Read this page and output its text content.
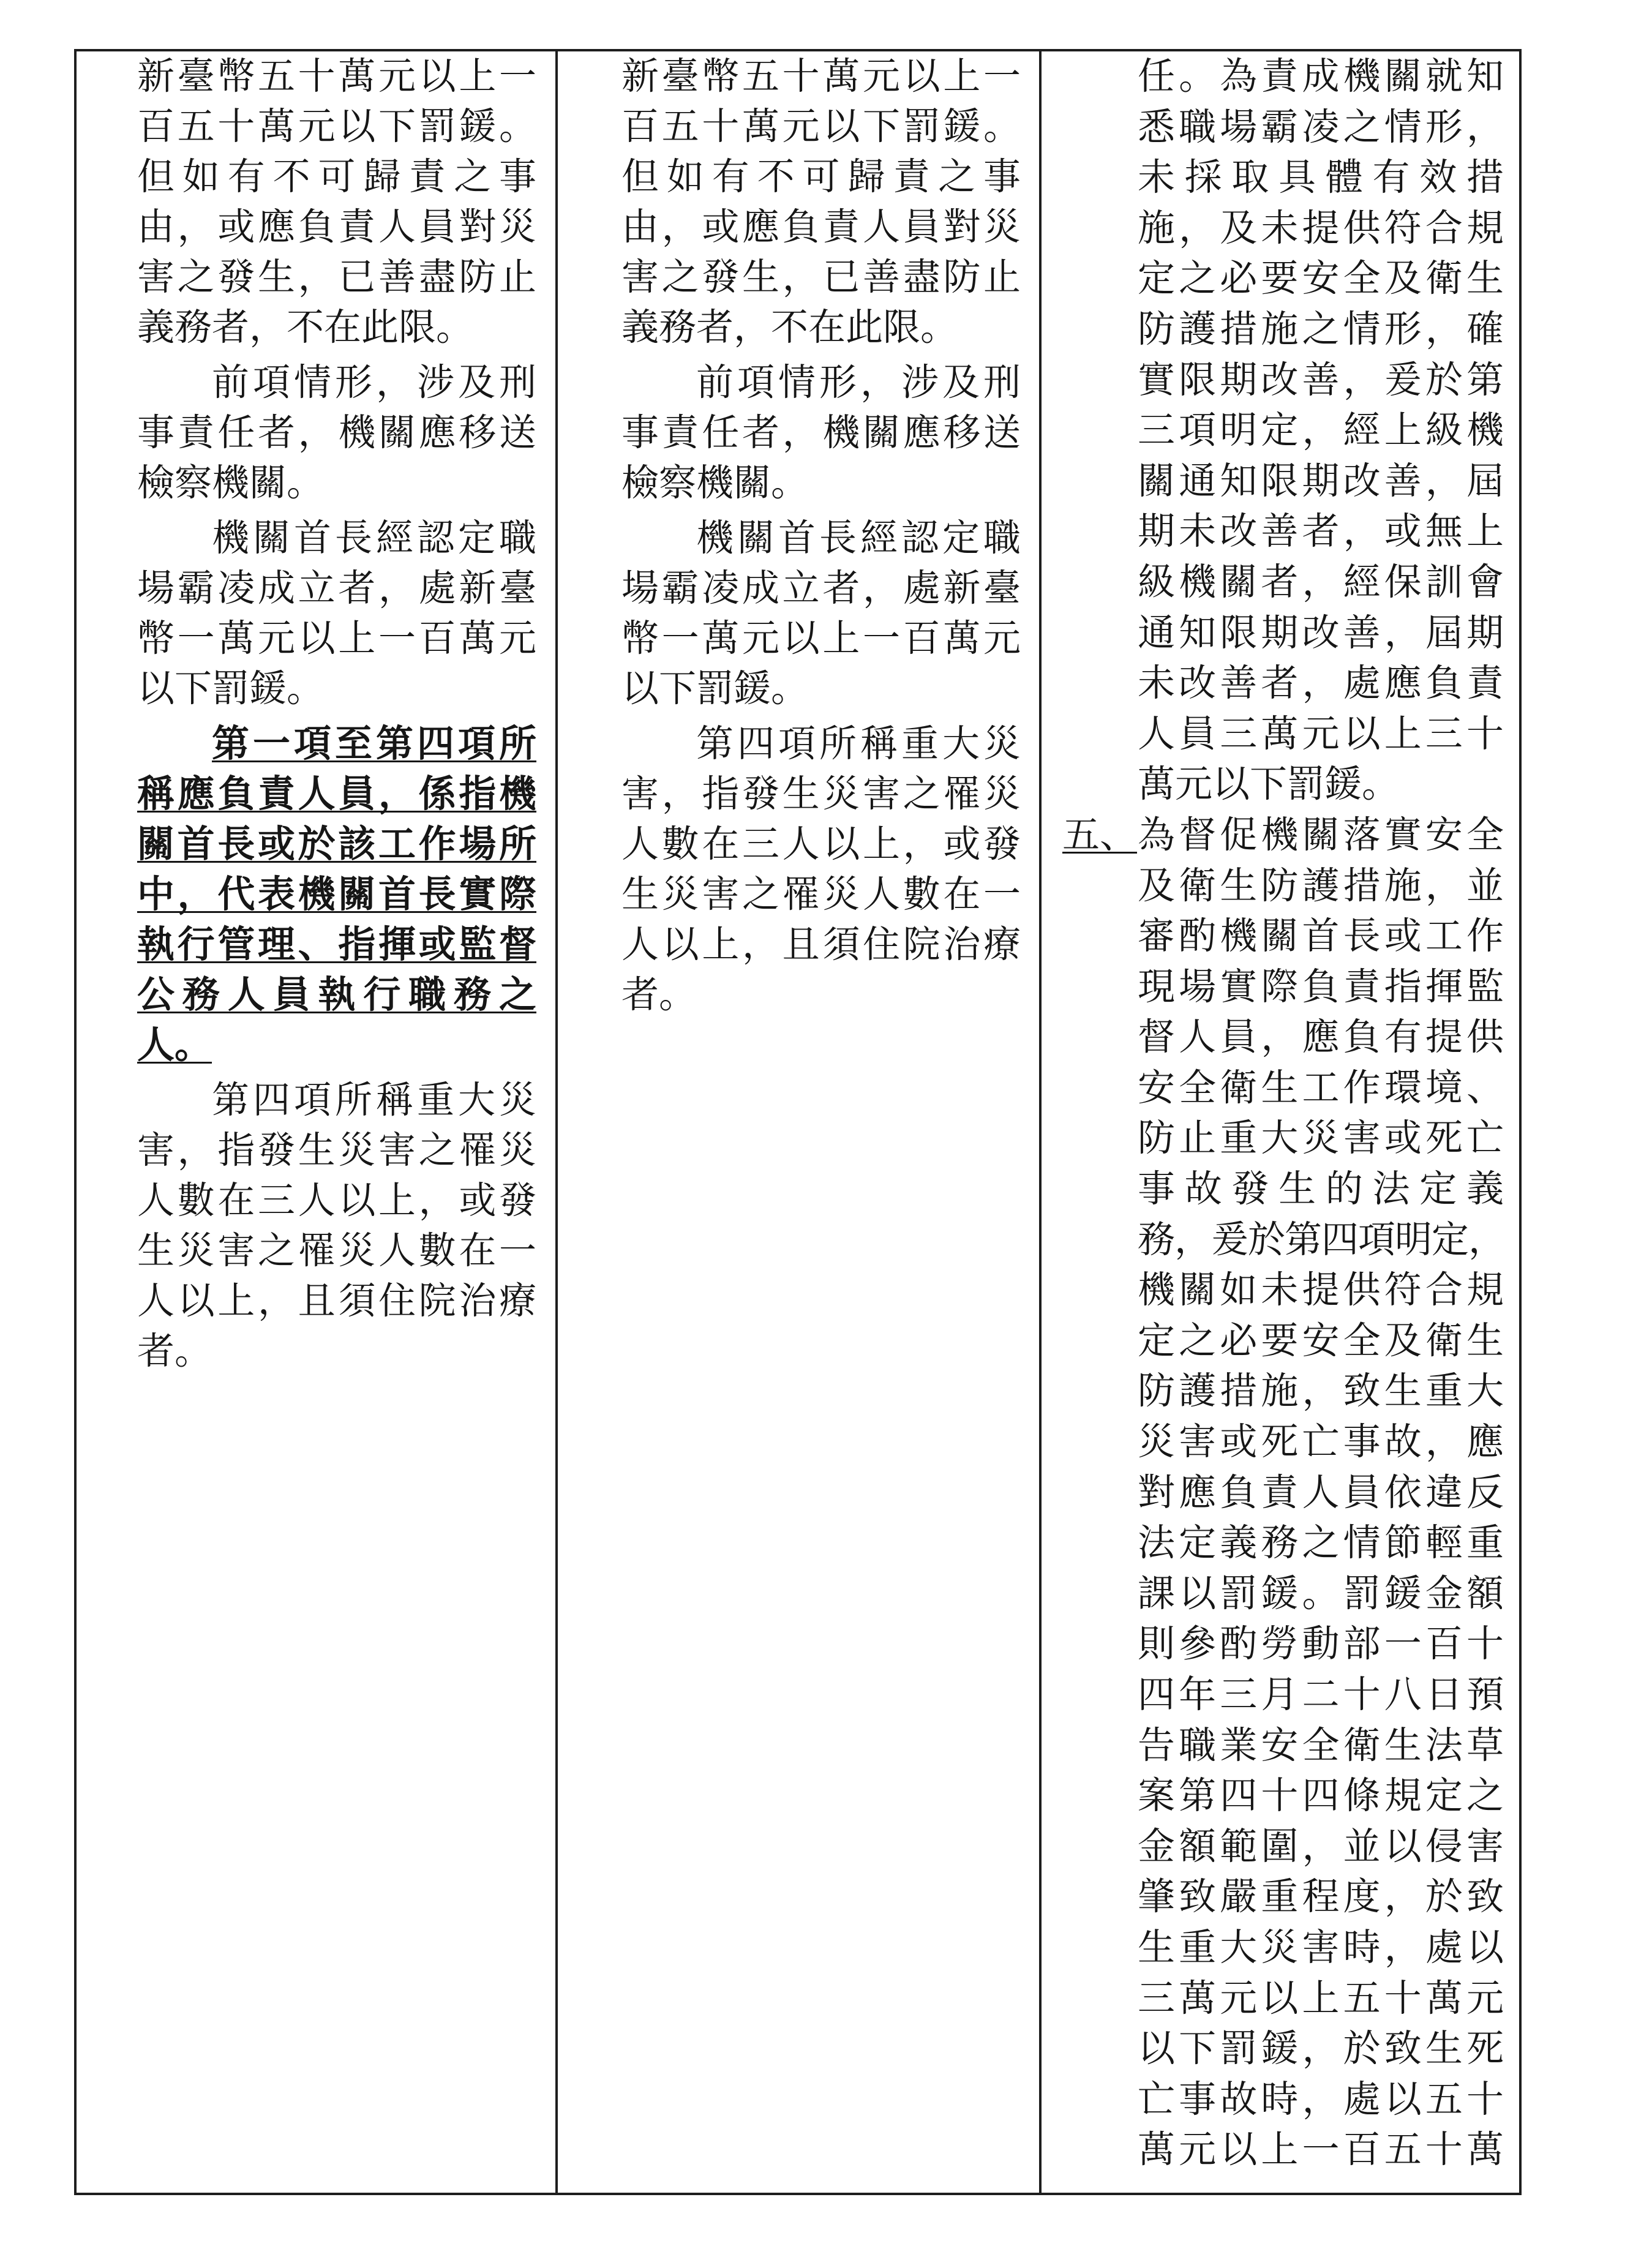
新臺幣五十萬元以上一
百五十萬元以下罰鍰。
但如有不可歸責之事
由，或應負責人員對災
害之發生，已善盡防止
義務者，不在此限。
前項情形，涉及刑
事責任者，機關應移送
檢察機關。
機關首長經認定職
場霸凌成立者，處新臺
幣一萬元以上一百萬元
以下罰鍰。
第一項至第四項所
稱應負責人員，係指機
關首長或於該工作場所
中，代表機關首長實際
執行管理、指揮或監督
公務人員執行職務之
人。
第四項所稱重大災
害，指發生災害之罹災
人數在三人以上，或發
生災害之罹災人數在一
人以上，且須住院治療
者。
新臺幣五十萬元以上一
百五十萬元以下罰鍰。
但如有不可歸責之事
由，或應負責人員對災
害之發生，已善盡防止
義務者，不在此限。
前項情形，涉及刑
事責任者，機關應移送
檢察機關。
機關首長經認定職
場霸凌成立者，處新臺
幣一萬元以上一百萬元
以下罰鍰。
第四項所稱重大災
害，指發生災害之罹災
人數在三人以上，或發
生災害之罹災人數在一
人以上，且須住院治療
者。
任。為責成機關就知
悉職場霸凌之情形，
未採取具體有效措
施，及未提供符合規
定之必要安全及衛生
防護措施之情形，確
實限期改善，爰於第
三項明定，經上級機
關通知限期改善，屆
期未改善者，或無上
級機關者，經保訓會
通知限期改善，屆期
未改善者，處應負責
人員三萬元以上三十
萬元以下罰鍰。
五、 為督促機關落實安全
及衛生防護措施，並
審酌機關首長或工作
現場實際負責指揮監
督人員，應負有提供
安全衛生工作環境、
防止重大災害或死亡
事故發生的法定義
務，爰於第四項明定，
機關如未提供符合規
定之必要安全及衛生
防護措施，致生重大
災害或死亡事故，應
對應負責人員依違反
法定義務之情節輕重
課以罰鍰。罰鍰金額
則參酌勞動部一百十
四年三月二十八日預
告職業安全衛生法草
案第四十四條規定之
金額範圍，並以侵害
肇致嚴重程度，於致
生重大災害時，處以
三萬元以上五十萬元
以下罰鍰，於致生死
亡事故時，處以五十
萬元以上一百五十萬
